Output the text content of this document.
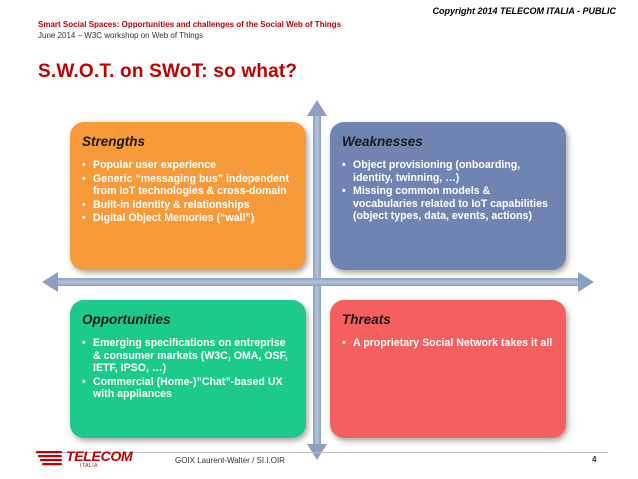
Copyright 2014 TELECOM ITALIA - PUBLIC
Smart Social Spaces: Opportunities and challenges of the Social Web of Things
June 2014 – W3C workshop on Web of Things
S.W.O.T. on SWoT: so what?
Strengths
• Popular user experience
• Generic “messaging bus” independent from IoT technologies & cross-domain
• Built-in identity & relationships
• Digital Object Memories (“wall”)
Weaknesses
• Object provisioning (onboarding, identity, twinning, …)
• Missing common models & vocabularies related to IoT capabilities (object types, data, events, actions)
Opportunities
• Emerging specifications on entreprise & consumer markets (W3C, OMA, OSF, IETF, IPSO, …)
• Commercial (Home-)”Chat”-based UX with appliances
Threats
• A proprietary Social Network takes it all
TELECOM
ITALIA
GOIX Laurent-Walter / SI.I.OIR	4
